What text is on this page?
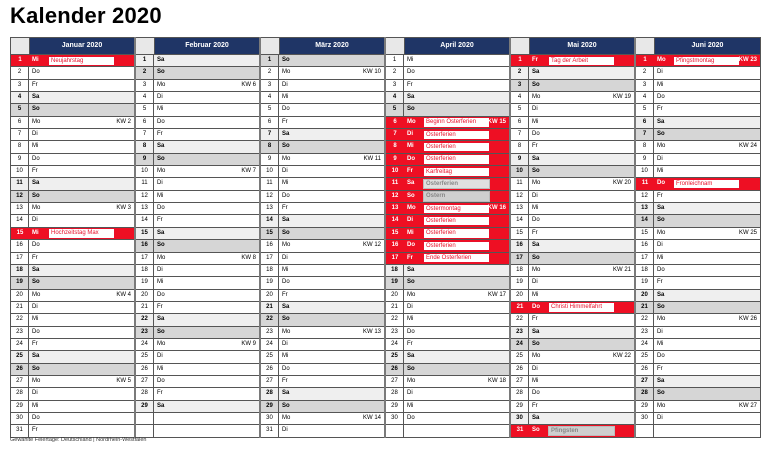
Kalender 2020
Januar 2020
1	Mi	Neujahrstag
2	Do
3	Fr
4	Sa
5	So
6	Mo	KW 2
7	Di
8	Mi
9	Do
10	Fr
11	Sa
12	So
13	Mo	KW 3
14	Di
15	Mi	Hochzeitstag Max
16	Do
17	Fr
18	Sa
19	So
20	Mo	KW 4
21	Di
22	Mi
23	Do
24	Fr
25	Sa
26	So
27	Mo	KW 5
28	Di
29	Mi
30	Do
31	Fr
Februar 2020
1	Sa
2	So
3	Mo	KW 6
4	Di
5	Mi
6	Do
7	Fr
8	Sa
9	So
10	Mo	KW 7
11	Di
12	Mi
13	Do
14	Fr
15	Sa
16	So
17	Mo	KW 8
18	Di
19	Mi
20	Do
21	Fr
22	Sa
23	So
24	Mo	KW 9
25	Di
26	Mi
27	Do
28	Fr
29	Sa
März 2020
1	So
2	Mo	KW 10
3	Di
4	Mi
5	Do
6	Fr
7	Sa
8	So
9	Mo	KW 11
10	Di
11	Mi
12	Do
13	Fr
14	Sa
15	So
16	Mo	KW 12
17	Di
18	Mi
19	Do
20	Fr
21	Sa
22	So
23	Mo	KW 13
24	Di
25	Mi
26	Do
27	Fr
28	Sa
29	So
30	Mo	KW 14
31	Di
April 2020
1	Mi
2	Do
3	Fr
4	Sa
5	So
6	Mo	Beginn Osterferien	KW 15
7	Di	Osterferien
8	Mi	Osterferien
9	Do	Osterferien
10	Fr	Karfreitag
11	Sa	Osterferien
12	So	Ostern
13	Mo	Ostermontag	KW 16
14	Di	Osterferien
15	Mi	Osterferien
16	Do	Osterferien
17	Fr	Ende Osterferien
18	Sa
19	So
20	Mo	KW 17
21	Di
22	Mi
23	Do
24	Fr
25	Sa
26	So
27	Mo	KW 18
28	Di
29	Mi
30	Do
Mai 2020
1	Fr	Tag der Arbeit
2	Sa
3	So
4	Mo	KW 19
5	Di
6	Mi
7	Do
8	Fr
9	Sa
10	So
11	Mo	KW 20
12	Di
13	Mi
14	Do
15	Fr
16	Sa
17	So
18	Mo	KW 21
19	Di
20	Mi
21	Do	Christi Himmelfahrt
22	Fr
23	Sa
24	So
25	Mo	KW 22
26	Di
27	Mi
28	Do
29	Fr
30	Sa
31	So	Pfingsten
Juni 2020
1	Mo	Pfingstmontag	KW 23
2	Di
3	Mi
4	Do
5	Fr
6	Sa
7	So
8	Mo	KW 24
9	Di
10	Mi
11	Do	Fronleichnam
12	Fr
13	Sa
14	So
15	Mo	KW 25
16	Di
17	Mi
18	Do
19	Fr
20	Sa
21	So
22	Mo	KW 26
23	Di
24	Mi
25	Do
26	Fr
27	Sa
28	So
29	Mo	KW 27
30	Di
Gewählte Feiertage: Deutschland | Nordrhein-Westfalen
